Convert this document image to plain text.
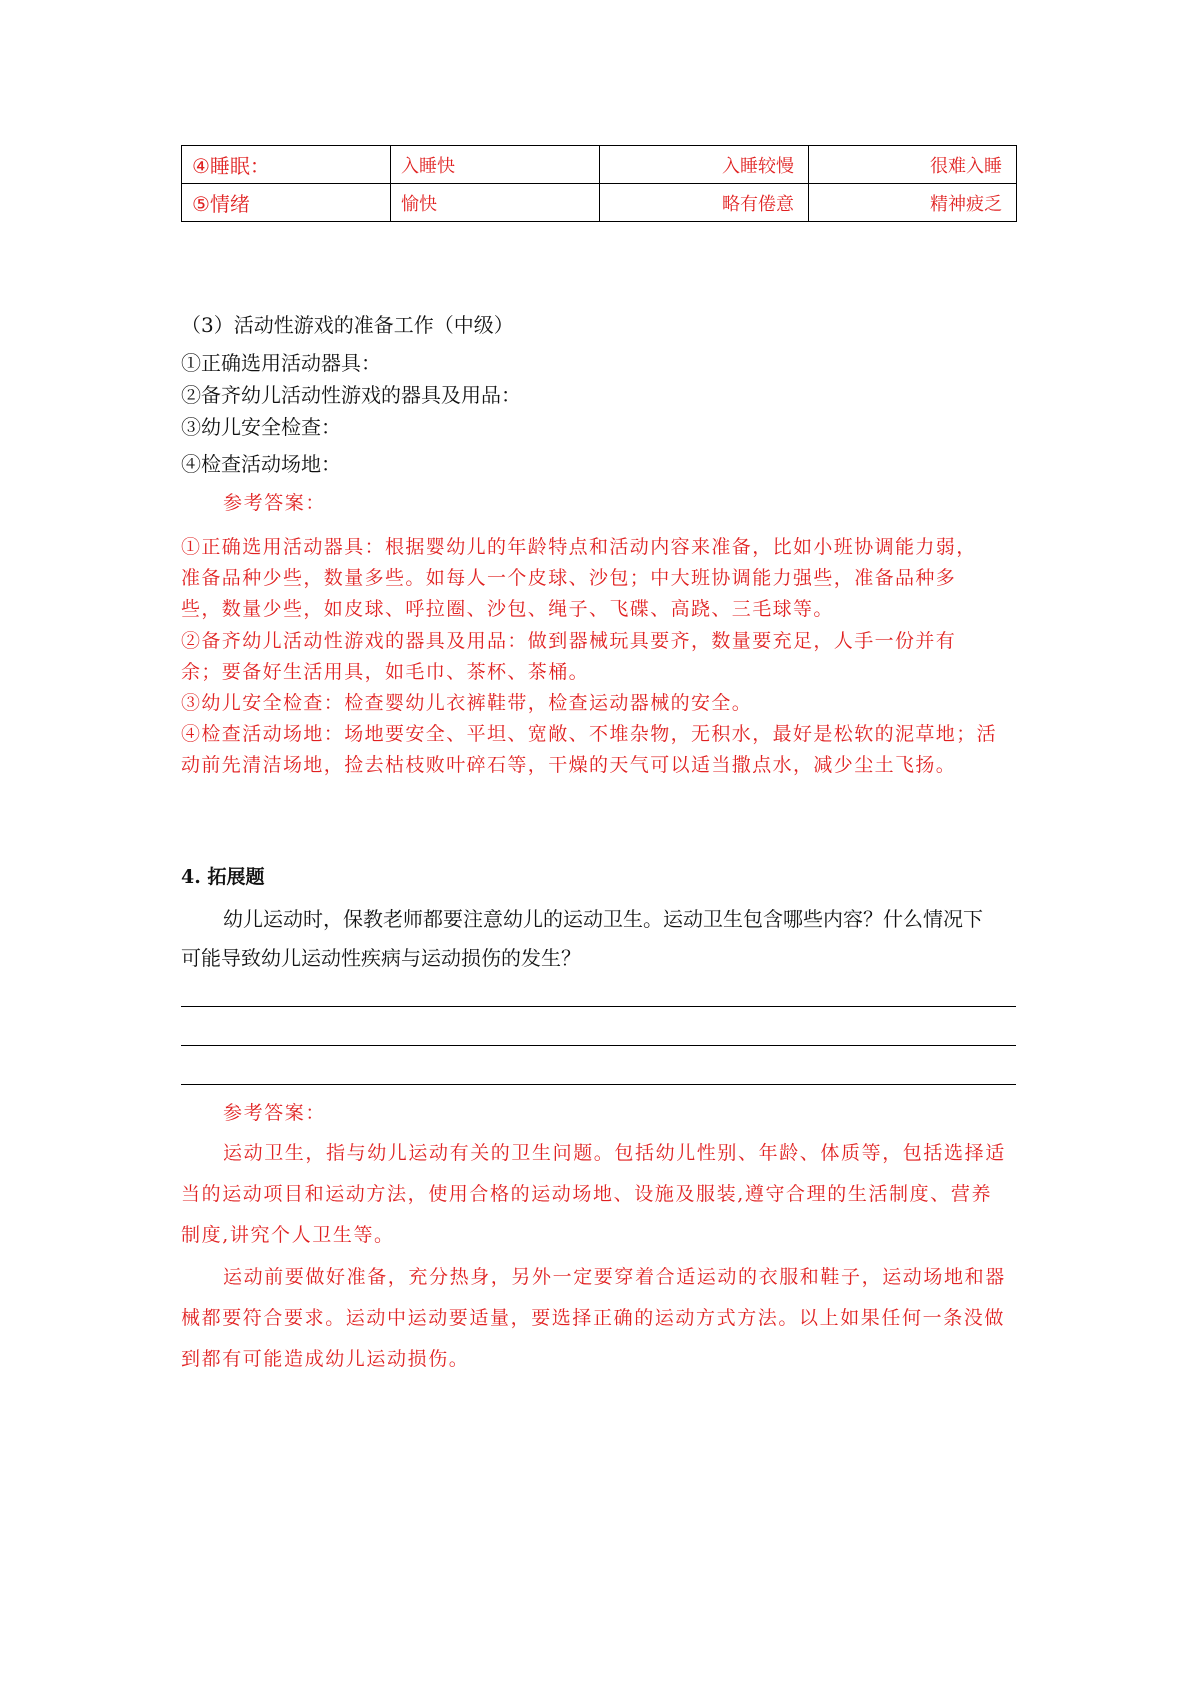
④睡眠：	入睡快	入睡较慢	很难入睡
⑤情绪	愉快	略有倦意	精神疲乏
（3）活动性游戏的准备工作（中级）
①正确选用活动器具：
②备齐幼儿活动性游戏的器具及用品：
③幼儿安全检查：
④检查活动场地：
参考答案：
①正确选用活动器具：根据婴幼儿的年龄特点和活动内容来准备，比如小班协调能力弱，
准备品种少些，数量多些。如每人一个皮球、沙包；中大班协调能力强些，准备品种多
些，数量少些，如皮球、呼拉圈、沙包、绳子、飞碟、高跷、三毛球等。
②备齐幼儿活动性游戏的器具及用品：做到器械玩具要齐，数量要充足，人手一份并有
余；要备好生活用具，如毛巾、茶杯、茶桶。
③幼儿安全检查：检查婴幼儿衣裤鞋带，检查运动器械的安全。
④检查活动场地：场地要安全、平坦、宽敞、不堆杂物，无积水，最好是松软的泥草地；活
动前先清洁场地，捡去枯枝败叶碎石等，干燥的天气可以适当撒点水，减少尘土飞扬。
4. 拓展题
幼儿运动时，保教老师都要注意幼儿的运动卫生。运动卫生包含哪些内容？什么情况下
可能导致幼儿运动性疾病与运动损伤的发生？
参考答案：
运动卫生，指与幼儿运动有关的卫生问题。包括幼儿性别、年龄、体质等，包括选择适
当的运动项目和运动方法，使用合格的运动场地、设施及服装,遵守合理的生活制度、营养
制度,讲究个人卫生等。
运动前要做好准备，充分热身，另外一定要穿着合适运动的衣服和鞋子，运动场地和器
械都要符合要求。运动中运动要适量，要选择正确的运动方式方法。以上如果任何一条没做
到都有可能造成幼儿运动损伤。
